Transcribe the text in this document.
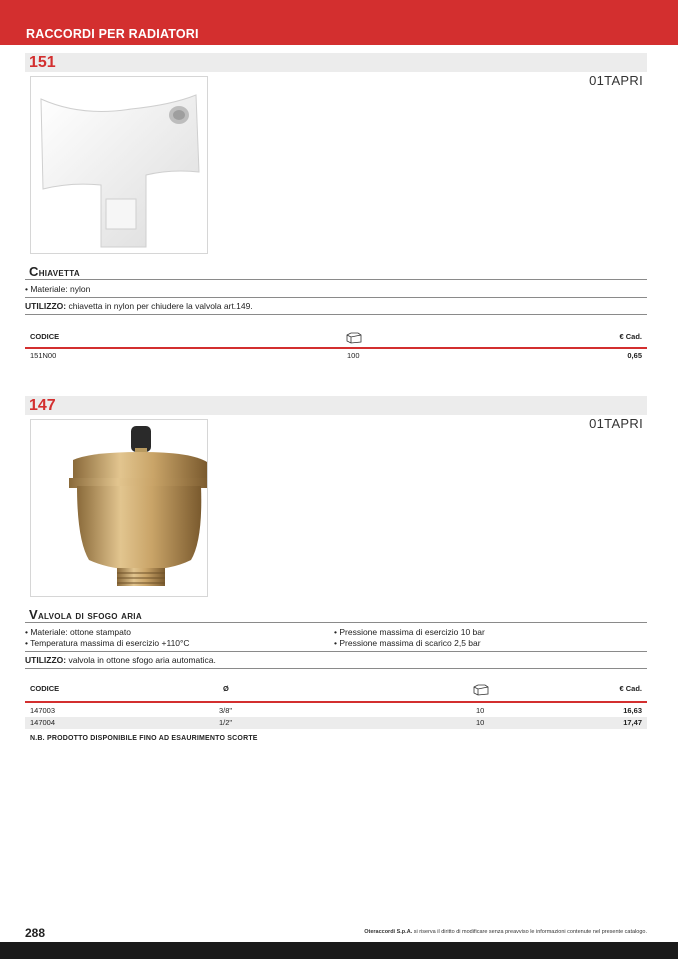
RACCORDI PER RADIATORI
151
01TAPRI
Chiavetta
• Materiale: nylon
UTILIZZO: chiavetta in nylon per chiudere la valvola art.149.
CODICE	€ Cad.
151N00	100	0,65
147
01TAPRI
Valvola di sfogo aria
• Materiale: ottone stampato
• Temperatura massima di esercizio +110°C
• Pressione massima di esercizio 10 bar
• Pressione massima di scarico 2,5 bar
UTILIZZO: valvola in ottone sfogo aria automatica.
CODICE	Ø	€ Cad.
147003	3/8"	10	16,63
147004	1/2"	10	17,47
N.B. PRODOTTO DISPONIBILE FINO AD ESAURIMENTO SCORTE
288	Oteraccordi S.p.A. si riserva il diritto di modificare senza preavviso le informazioni contenute nel presente catalogo.
